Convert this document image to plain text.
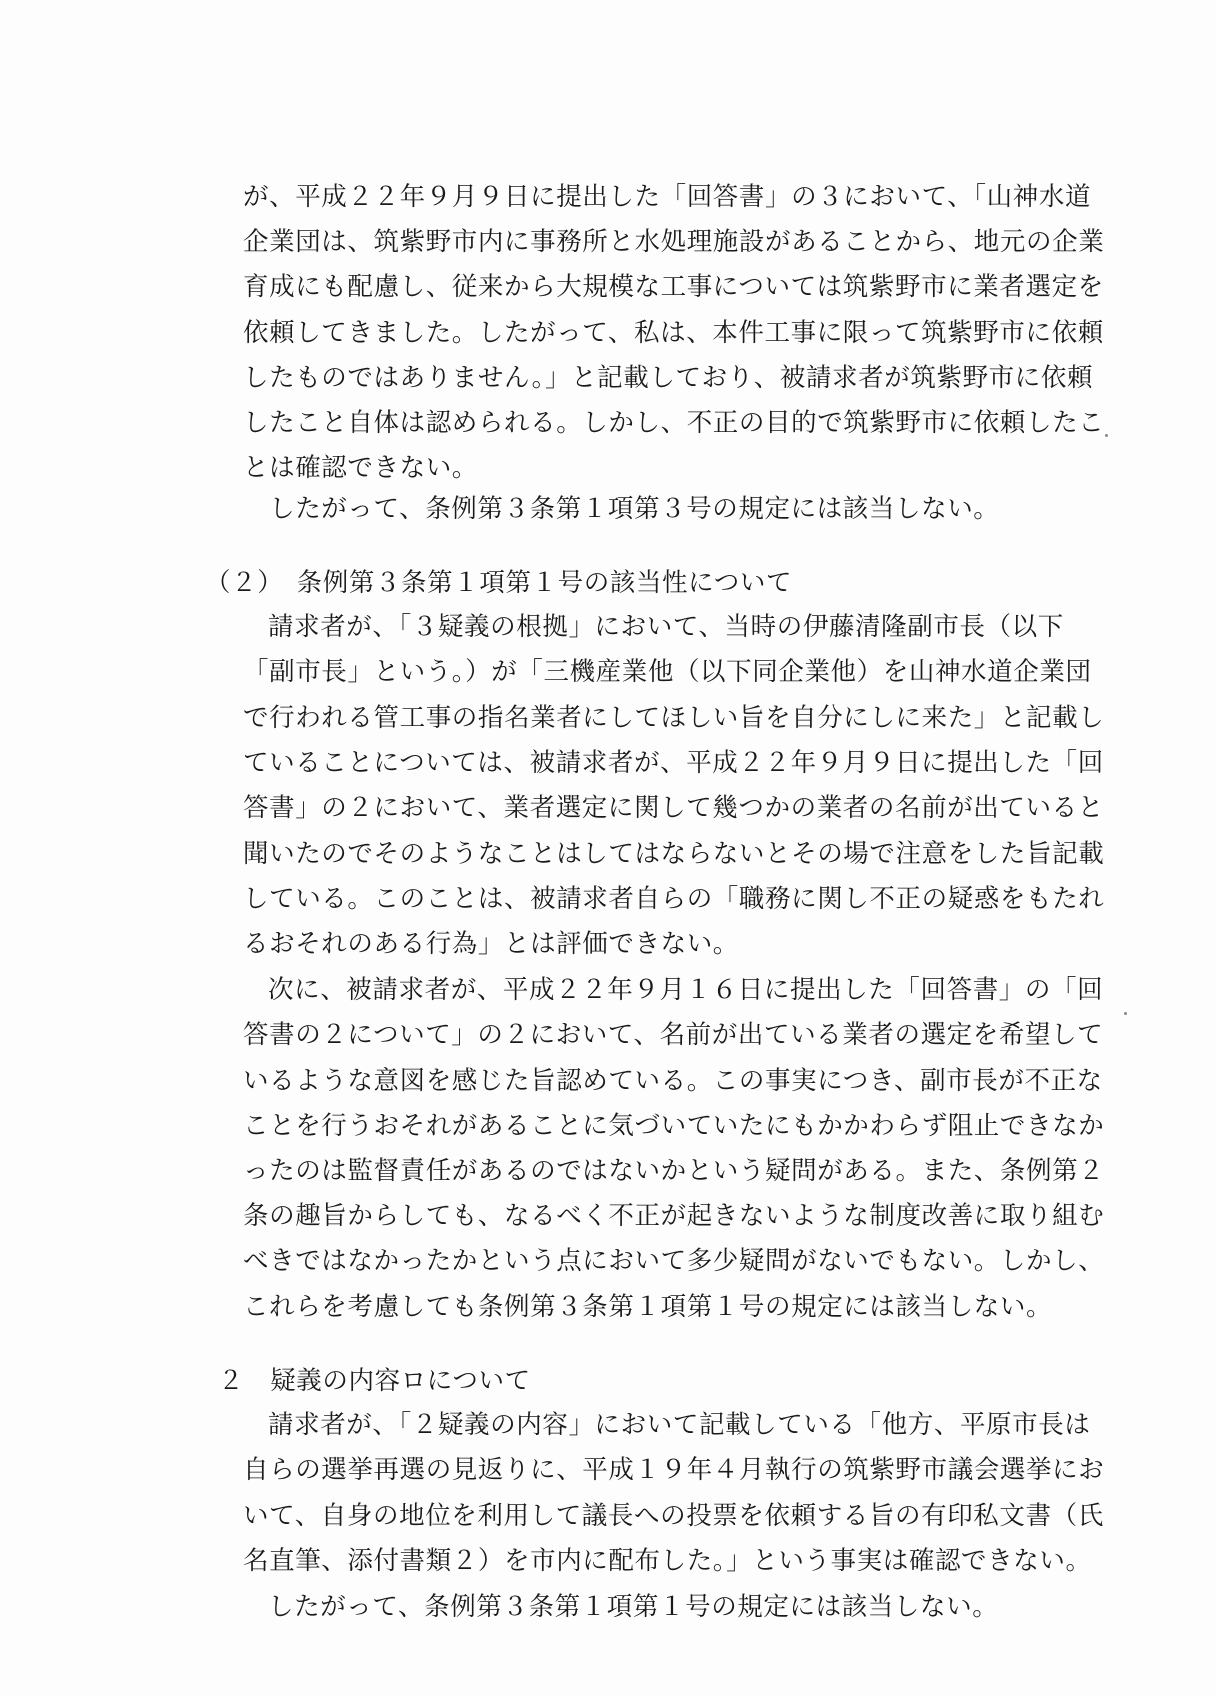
が、平成２２年９月９日に提出した「回答書」の３において、「山神水道
企業団は、筑紫野市内に事務所と水処理施設があることから、地元の企業
育成にも配慮し、従来から大規模な工事については筑紫野市に業者選定を
依頼してきました。したがって、私は、本件工事に限って筑紫野市に依頼
したものではありません。」と記載しており、被請求者が筑紫野市に依頼
したこと自体は認められる。しかし、不正の目的で筑紫野市に依頼したこ
とは確認できない。
　したがって、条例第３条第１項第３号の規定には該当しない。
（２）　条例第３条第１項第１号の該当性について
請求者が、「３疑義の根拠」において、当時の伊藤清隆副市長（以下
「副市長」という。）が「三機産業他（以下同企業他）を山神水道企業団
で行われる管工事の指名業者にしてほしい旨を自分にしに来た」と記載し
ていることについては、被請求者が、平成２２年９月９日に提出した「回
答書」の２において、業者選定に関して幾つかの業者の名前が出ていると
聞いたのでそのようなことはしてはならないとその場で注意をした旨記載
している。このことは、被請求者自らの「職務に関し不正の疑惑をもたれ
るおそれのある行為」とは評価できない。
次に、被請求者が、平成２２年９月１６日に提出した「回答書」の「回
答書の２について」の２において、名前が出ている業者の選定を希望して
いるような意図を感じた旨認めている。この事実につき、副市長が不正な
ことを行うおそれがあることに気づいていたにもかかわらず阻止できなか
ったのは監督責任があるのではないかという疑問がある。また、条例第２
条の趣旨からしても、なるべく不正が起きないような制度改善に取り組む
べきではなかったかという点において多少疑問がないでもない。しかし、
これらを考慮しても条例第３条第１項第１号の規定には該当しない。
２　疑義の内容ロについて
請求者が、「２疑義の内容」において記載している「他方、平原市長は
自らの選挙再選の見返りに、平成１９年４月執行の筑紫野市議会選挙にお
いて、自身の地位を利用して議長への投票を依頼する旨の有印私文書（氏
名直筆、添付書類２）を市内に配布した。」という事実は確認できない。
したがって、条例第３条第１項第１号の規定には該当しない。
